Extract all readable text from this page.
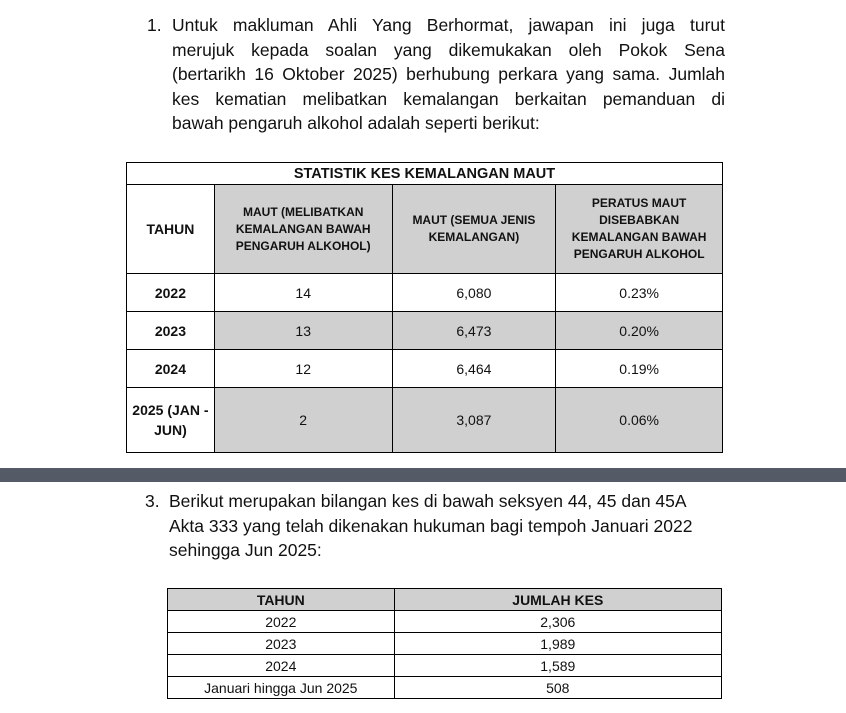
1. Untuk makluman Ahli Yang Berhormat, jawapan ini juga turut
merujuk kepada soalan yang dikemukakan oleh Pokok Sena
(bertarikh 16 Oktober 2025) berhubung perkara yang sama. Jumlah
kes kematian melibatkan kemalangan berkaitan pemanduan di
bawah pengaruh alkohol adalah seperti berikut:
STATISTIK KES KEMALANGAN MAUT			
TAHUN	MAUT (MELIBATKAN KEMALANGAN BAWAH PENGARUH ALKOHOL)	MAUT (SEMUA JENIS KEMALANGAN)	PERATUS MAUT DISEBABKAN KEMALANGAN BAWAH PENGARUH ALKOHOL
2022	14	6,080	0.23%
2023	13	6,473	0.20%
2024	12	6,464	0.19%
2025 (JAN - JUN)	2	3,087	0.06%
3. Berikut merupakan bilangan kes di bawah seksyen 44, 45 dan 45A
Akta 333 yang telah dikenakan hukuman bagi tempoh Januari 2022
sehingga Jun 2025:
TAHUN	JUMLAH KES
2022	2,306
2023	1,989
2024	1,589
Januari hingga Jun 2025	508
